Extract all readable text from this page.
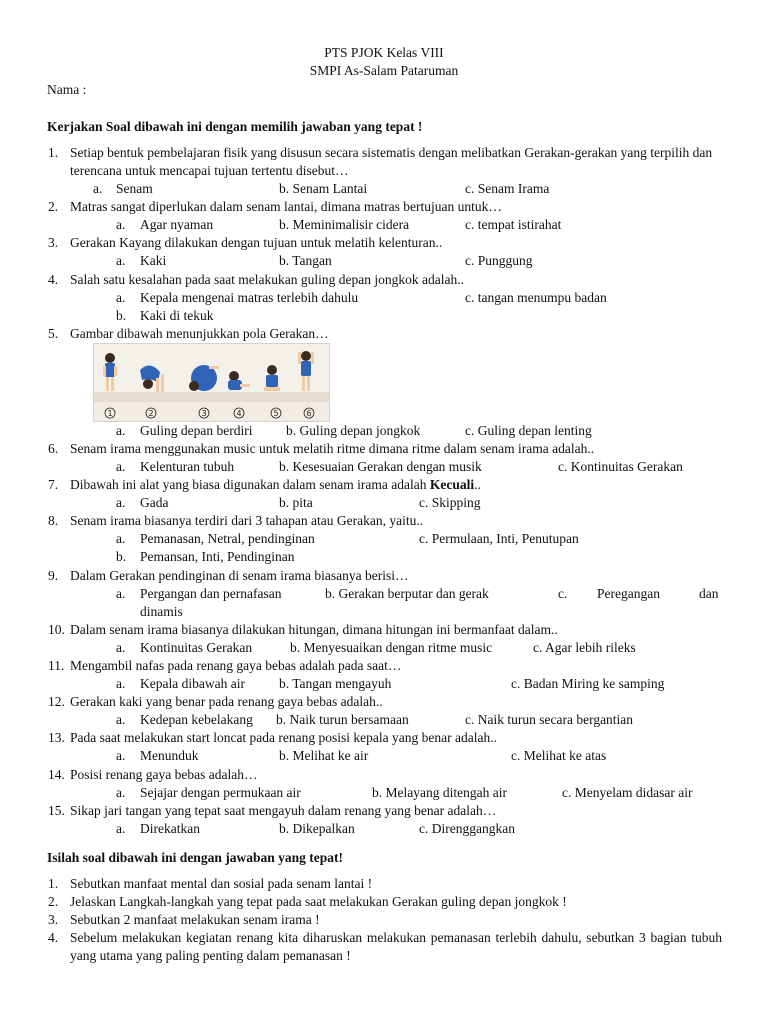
PTS PJOK Kelas VIII
SMPI As-Salam Pataruman
Nama :
Kerjakan Soal dibawah ini dengan memilih jawaban yang tepat !
1. Setiap bentuk pembelajaran fisik yang disusun secara sistematis dengan melibatkan Gerakan-gerakan yang terpilih dan terencana untuk mencapai tujuan tertentu disebut…
a. Senam	b. Senam Lantai	c. Senam Irama
2. Matras sangat diperlukan dalam senam lantai, dimana matras bertujuan untuk…
a. Agar nyaman	b. Meminimalisir cidera	c. tempat istirahat
3. Gerakan Kayang dilakukan dengan tujuan untuk melatih kelenturan..
a. Kaki	b. Tangan	c. Punggung
4. Salah satu kesalahan pada saat melakukan guling depan jongkok adalah..
a. Kepala mengenai matras terlebih dahulu	c. tangan menumpu badan
b. Kaki di tekuk
5. Gambar dibawah menunjukkan pola Gerakan…
1	2	3	4	5	6
a. Guling depan berdiri b. Guling depan jongkok	c. Guling depan lenting
6. Senam irama menggunakan music untuk melatih ritme dimana ritme dalam senam irama adalah..
a. Kelenturan tubuh	b. Kesesuaian Gerakan dengan musik	c. Kontinuitas Gerakan
7. Dibawah ini alat yang biasa digunakan dalam senam irama adalah Kecuali..
a. Gada	b. pita	c. Skipping
8. Senam irama biasanya terdiri dari 3 tahapan atau Gerakan, yaitu..
a. Pemanasan, Netral, pendinginan	c. Permulaan, Inti, Penutupan
b. Pemansan, Inti, Pendinginan
9. Dalam Gerakan pendinginan di senam irama biasanya berisi…
a. Pergangan dan pernafasan	b. Gerakan berputar dan gerak	c. Peregangan	dan
dinamis
10. Dalam senam irama biasanya dilakukan hitungan, dimana hitungan ini bermanfaat dalam..
a. Kontinuitas Gerakan	b. Menyesuaikan dengan ritme music	c. Agar lebih rileks
11. Mengambil nafas pada renang gaya bebas adalah pada saat…
a. Kepala dibawah air	b. Tangan mengayuh	c. Badan Miring ke samping
12. Gerakan kaki yang benar pada renang gaya bebas adalah..
a. Kedepan kebelakang b. Naik turun bersamaan	c. Naik turun secara bergantian
13. Pada saat melakukan start loncat pada renang posisi kepala yang benar adalah..
a. Menunduk	b. Melihat ke air	c. Melihat ke atas
14. Posisi renang gaya bebas adalah…
a. Sejajar dengan permukaan air	b. Melayang ditengah air	c. Menyelam didasar air
15. Sikap jari tangan yang tepat saat mengayuh dalam renang yang benar adalah…
a. Direkatkan	b. Dikepalkan	c. Direnggangkan
Isilah soal dibawah ini dengan jawaban yang tepat!
1. Sebutkan manfaat mental dan sosial pada senam lantai !
2. Jelaskan Langkah-langkah yang tepat pada saat melakukan Gerakan guling depan jongkok !
3. Sebutkan 2 manfaat melakukan senam irama !
4. Sebelum melakukan kegiatan renang kita diharuskan melakukan pemanasan terlebih dahulu, sebutkan 3 bagian tubuh yang utama yang paling penting dalam pemanasan !
